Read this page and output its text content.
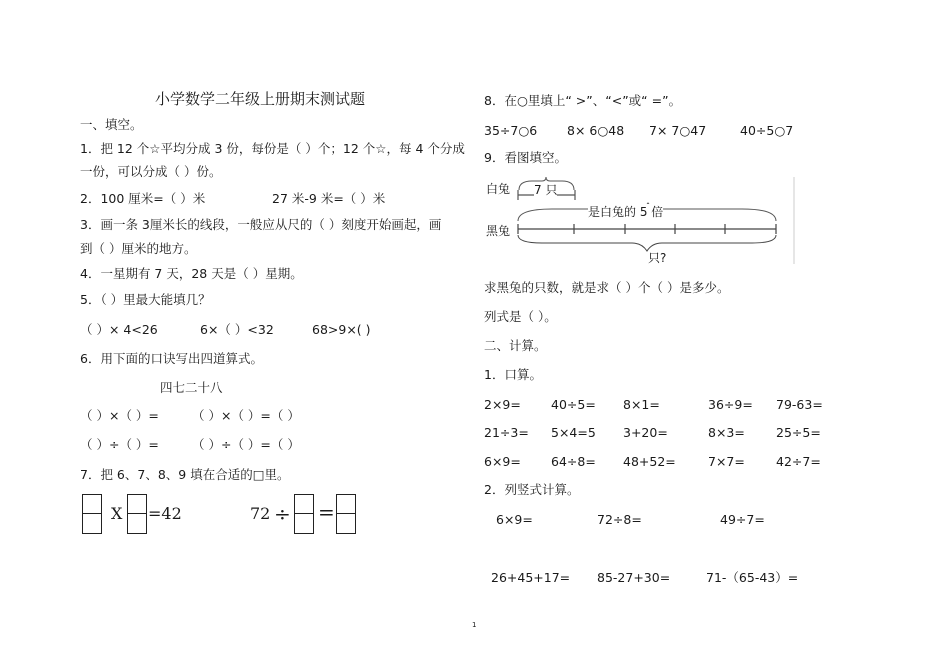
小学数学二年级上册期末测试题
一、填空。
1．把 12 个☆平均分成 3 份，每份是（ ）个；12 个☆，每 4 个分成
一份，可以分成（ ）份。
2．100 厘米=（ ）米	27 米-9 米=（ ）米
3．画一条 3厘米长的线段，一般应从尺的（ ）刻度开始画起，画
到（ ）厘米的地方。
4．一星期有 7 天，28 天是（ ）星期。
5．（ ）里最大能填几？
（ ）× 4<26	6×（ ）<32	68>9×( )
6．用下面的口诀写出四道算式。
四七二十八
（ ）×（ ）=	（ ）×（ ）=（ ）
（ ）÷（ ）=	（ ）÷（ ）=（ ）
7．把 6、7、8、9 填在合适的□里。
X =42	72 ÷ =
8．在○里填上“ >”、“<”或“ =”。
35÷7○6 8× 6○48 7× 7○47	40÷5○7
9．看图填空。
白兔 7 只
是白兔的 5 倍
黑兔
只?
求黑兔的只数，就是求（ ）个（ ）是多少。
列式是（ ）。
二、计算。
1．口算。
2×9= 40÷5= 8×1=	36÷9= 79-63=
21÷3= 5×4=5 3+20=	8×3= 25÷5=
6×9= 64÷8= 48+52=	7×7= 42÷7=
2．列竖式计算。
6×9=	72÷8=	49÷7=
26+45+17= 85-27+30=	71-（65-43）=
1
